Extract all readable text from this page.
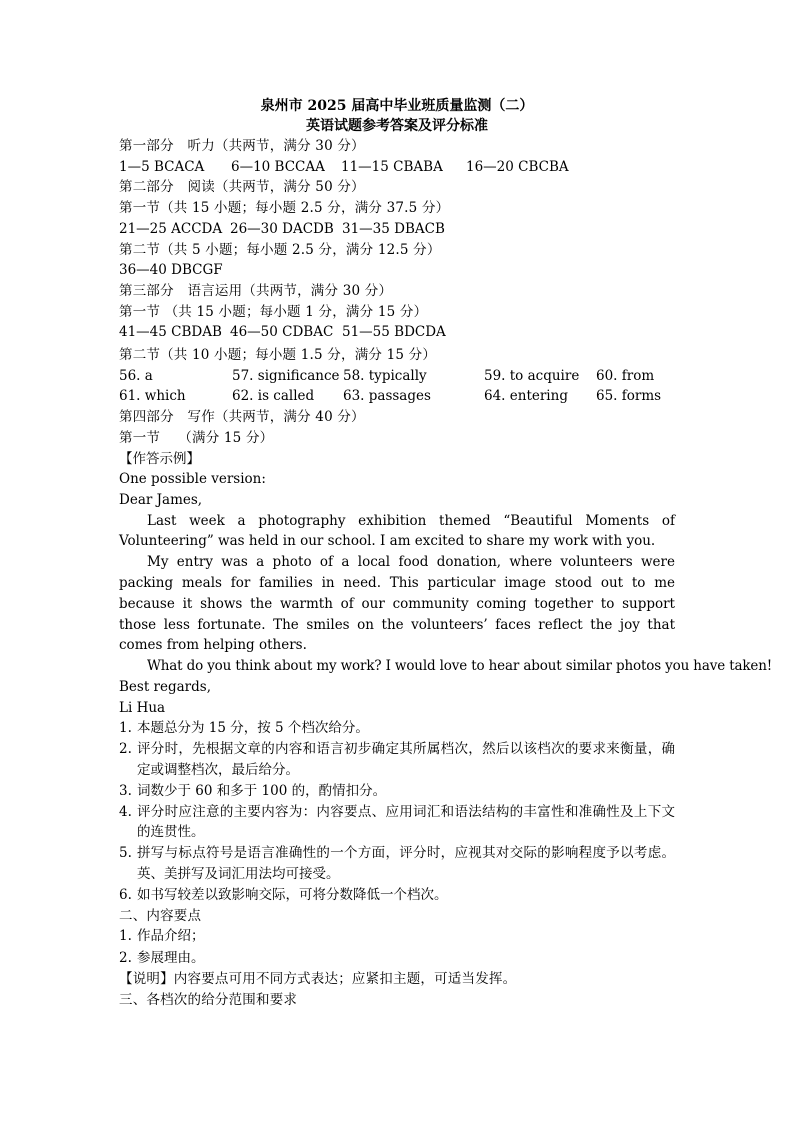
泉州市 2025 届高中毕业班质量监测（二）
英语试题参考答案及评分标准
第一部分　听力（共两节，满分 30 分）
1—5 BCACA 6—10 BCCAA 11—15 CBABA 16—20 CBCBA
第二部分　阅读（共两节，满分 50 分）
第一节（共 15 小题；每小题 2.5 分，满分 37.5 分）
21—25 ACCDA 26—30 DACDB 31—35 DBACB
第二节（共 5 小题；每小题 2.5 分，满分 12.5 分）
36—40 DBCGF
第三部分　语言运用（共两节，满分 30 分）
第一节 （共 15 小题；每小题 1 分，满分 15 分）
41—45 CBDAB 46—50 CDBAC 51—55 BDCDA
第二节（共 10 小题；每小题 1.5 分，满分 15 分）
56. a	57. significance 58. typically	59. to acquire 60. from
61. which	62. is called 63. passages	64. entering 65. forms
第四部分　写作（共两节，满分 40 分）
第一节　 （满分 15 分）
【作答示例】
One possible version:
Dear James,

Last week a photography exhibition themed “Beautiful Moments of Volunteering” was held in our school. I am excited to share my work with you.

My entry was a photo of a local food donation, where volunteers were packing meals for families in need. This particular image stood out to me because it shows the warmth of our community coming together to support those less fortunate. The smiles on the volunteers’ faces reflect the joy that comes from helping others.

What do you think about my work? I would love to hear about similar photos you have taken!

Best regards,
Li Hua
1. 本题总分为 15 分，按 5 个档次给分。
2. 评分时，先根据文章的内容和语言初步确定其所属档次，然后以该档次的要求来衡量，确定或调整档次，最后给分。
3. 词数少于 60 和多于 100 的，酌情扣分。
4. 评分时应注意的主要内容为：内容要点、应用词汇和语法结构的丰富性和准确性及上下文的连贯性。
5. 拼写与标点符号是语言准确性的一个方面，评分时，应视其对交际的影响程度予以考虑。英、美拼写及词汇用法均可接受。
6. 如书写较差以致影响交际，可将分数降低一个档次。
二、内容要点
1. 作品介绍；
2. 参展理由。
【说明】内容要点可用不同方式表达；应紧扣主题，可适当发挥。
三、各档次的给分范围和要求
